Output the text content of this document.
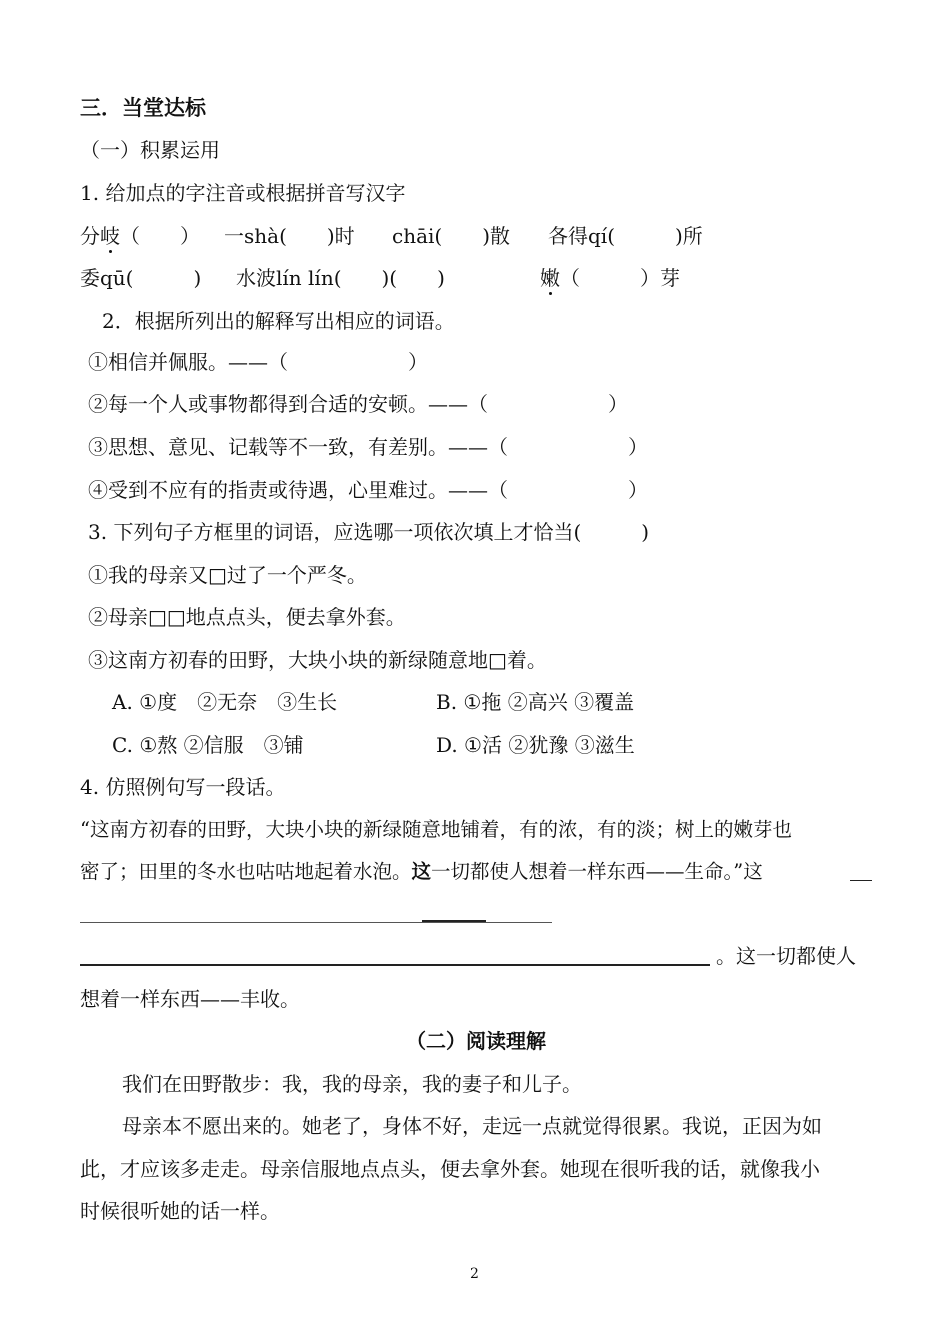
三．当堂达标
（一）积累运用
1. 给加点的字注音或根据拼音写汉字
分岐（　　） 一shà(　　)时 chāi(　　)散 各得qí(　　　)所
委qū(　　　) 水波lín lín(　　)(　　)	嫩（　　　）芽
2．根据所列出的解释写出相应的词语。
①相信并佩服。——（　　　　　　）
②每一个人或事物都得到合适的安顿。——（　　　　　　）
③思想、意见、记载等不一致，有差别。——（　　　　　　）
④受到不应有的指责或待遇，心里难过。——（　　　　　　）
3. 下列句子方框里的词语，应选哪一项依次填上才恰当(　　　)
①我的母亲又□过了一个严冬。
②母亲□□地点点头，便去拿外套。
③这南方初春的田野，大块小块的新绿随意地□着。
A. ①度　②无奈　③生长	B. ①拖 ②高兴 ③覆盖
C. ①熬 ②信服　③铺	D. ①活 ②犹豫 ③滋生
4. 仿照例句写一段话。
“这南方初春的田野，大块小块的新绿随意地铺着，有的浓，有的淡；树上的嫩芽也
密了；田里的冬水也咕咕地起着水泡。这一切都使人想着一样东西——生命。”这
。这一切都使人
想着一样东西——丰收。
（二）阅读理解
我们在田野散步：我，我的母亲，我的妻子和儿子。
母亲本不愿出来的。她老了，身体不好，走远一点就觉得很累。我说，正因为如
此，才应该多走走。母亲信服地点点头，便去拿外套。她现在很听我的话，就像我小
时候很听她的话一样。
2
